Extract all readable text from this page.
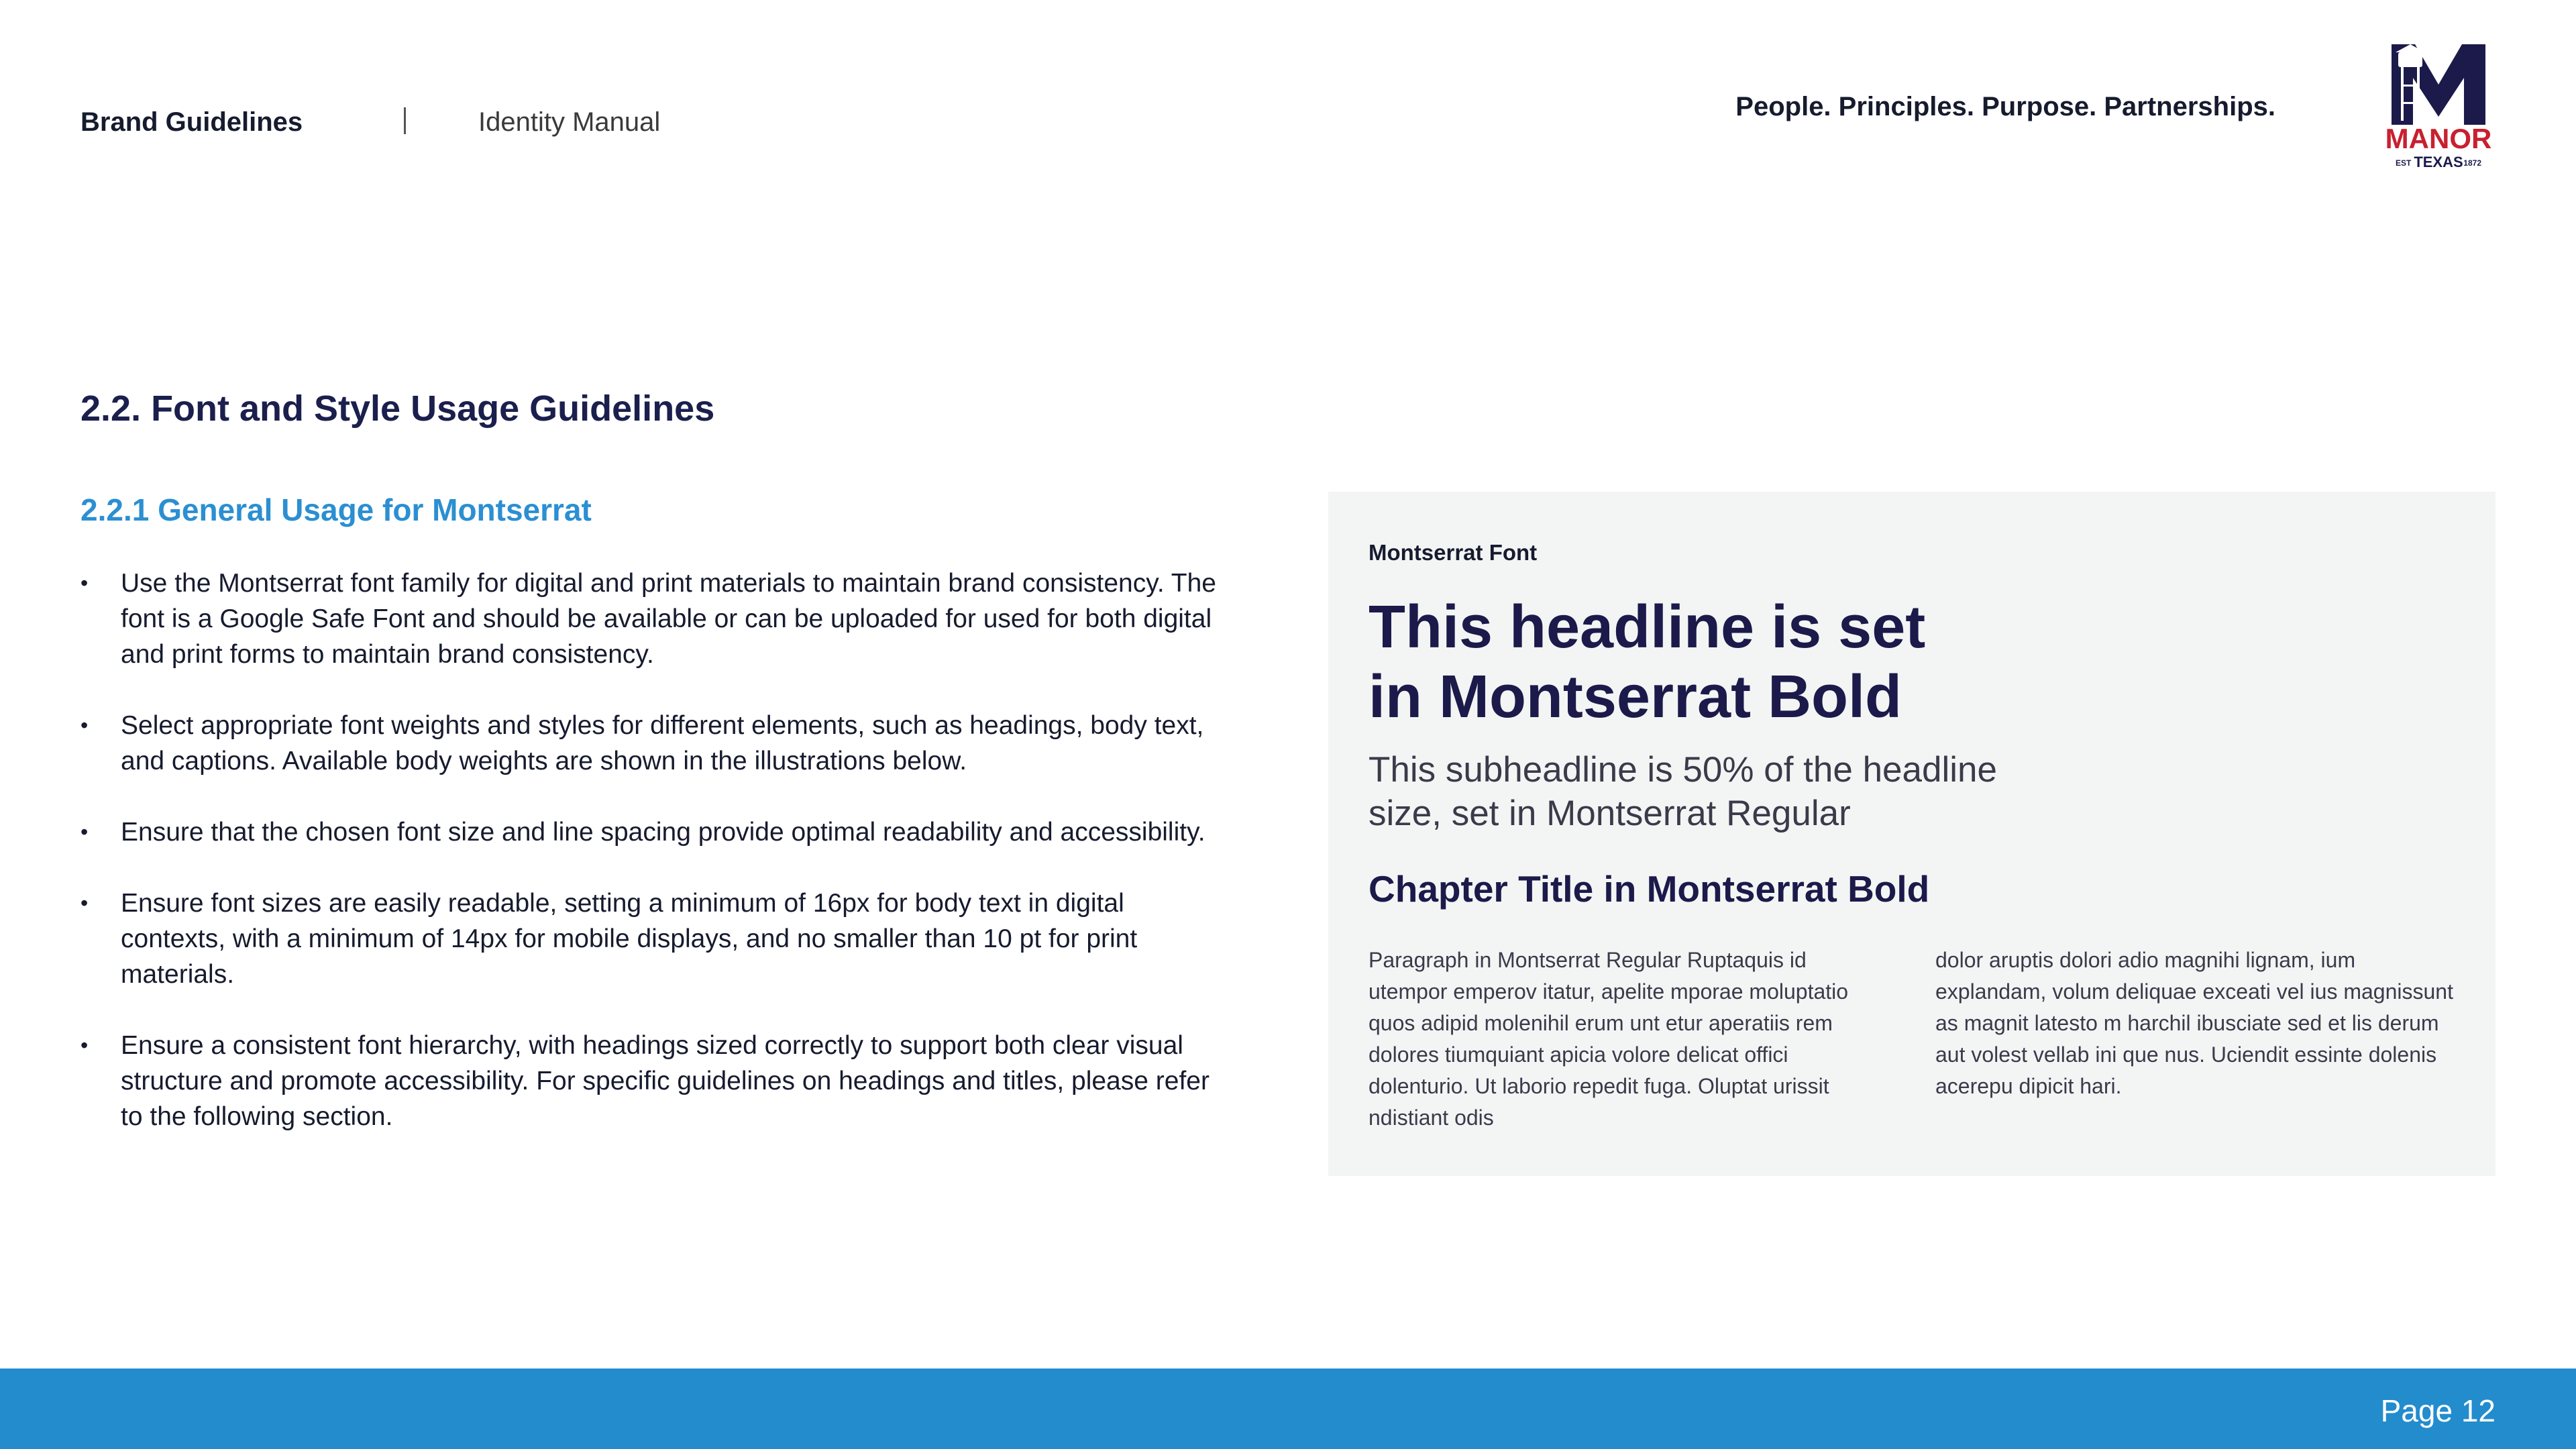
Brand Guidelines	Identity Manual
People. Principles. Purpose. Partnerships.
MANOR
EST TEXAS 1872
2.2. Font and Style Usage Guidelines
2.2.1 General Usage for Montserrat
• Use the Montserrat font family for digital and print materials to maintain brand consistency. The font is a Google Safe Font and should be available or can be uploaded for used for both digital and print forms to maintain brand consistency.
• Select appropriate font weights and styles for different elements, such as headings, body text, and captions. Available body weights are shown in the illustrations below.
• Ensure that the chosen font size and line spacing provide optimal readability and accessibility.
• Ensure font sizes are easily readable, setting a minimum of 16px for body text in digital contexts, with a minimum of 14px for mobile displays, and no smaller than 10 pt for print materials.
• Ensure a consistent font hierarchy, with headings sized correctly to support both clear visual structure and promote accessibility. For specific guidelines on headings and titles, please refer to the following section.
Montserrat Font
This headline is set
in Montserrat Bold
This subheadline is 50% of the headline
size, set in Montserrat Regular
Chapter Title in Montserrat Bold
Paragraph in Montserrat Regular Ruptaquis id utempor emperov itatur, apelite mporae moluptatio quos adipid molenihil erum unt etur aperatiis rem dolores tiumquiant apicia volore delicat offici dolenturio. Ut laborio repedit fuga. Oluptat urissit ndistiant odis
dolor aruptis dolori adio magnihi lignam, ium explandam, volum deliquae exceati vel ius magnissunt as magnit latesto m harchil ibusciate sed et lis derum aut volest vellab ini que nus. Uciendit essinte dolenis acerepu dipicit hari.
Page 12
